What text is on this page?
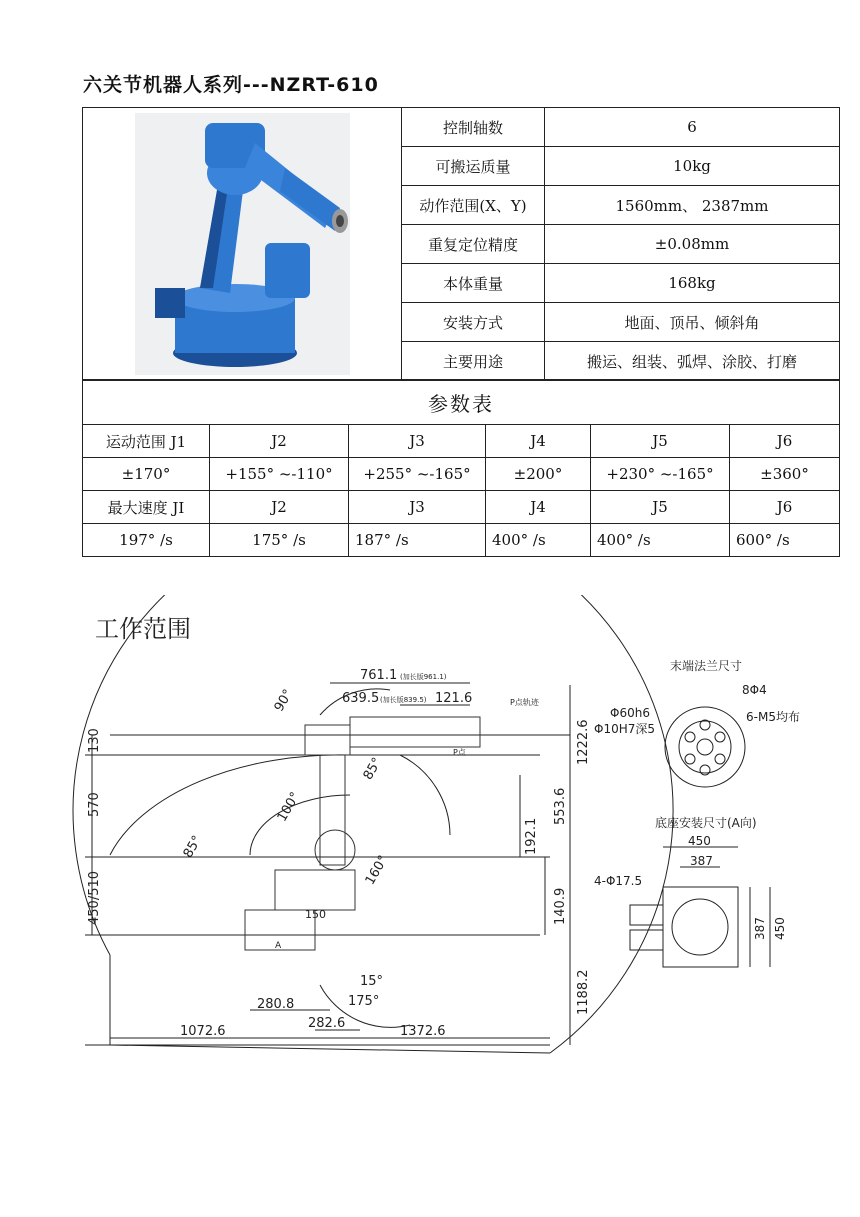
六关节机器人系列---NZRT-610
	控制轴数	6
	可搬运质量	10kg
	动作范围(X、Y)	1560mm、 2387mm
	重复定位精度	±0.08mm
	本体重量	168kg
	安装方式	地面、顶吊、倾斜角
	主要用途	搬运、组装、弧焊、涂胶、打磨
参数表					
运动范围 J1	J2	J3	J4	J5	J6
±170°	+155° ~-110°	+255° ~-165°	±200°	+230° ~-165°	±360°
最大速度 JI	J2	J3	J4	J5	J6
197° /s	175° /s	187° /s	400° /s	400° /s	600° /s
工作范围
761.1 (加长版961.1)
639.5 (加长版839.5) 121.6	P点轨迹
P点	1222.6
553.6
192.1
140.9
1188.2
130
570
450/510
90°
85°
100°
85°
160°
15°
175°
150
A
280.8
282.6
1072.6	1372.6
末端法兰尺寸
Φ60h6
Φ10H7深5
8Φ4
6-M5均布
底座安装尺寸(A向)
450
387
4-Φ17.5
387 450
